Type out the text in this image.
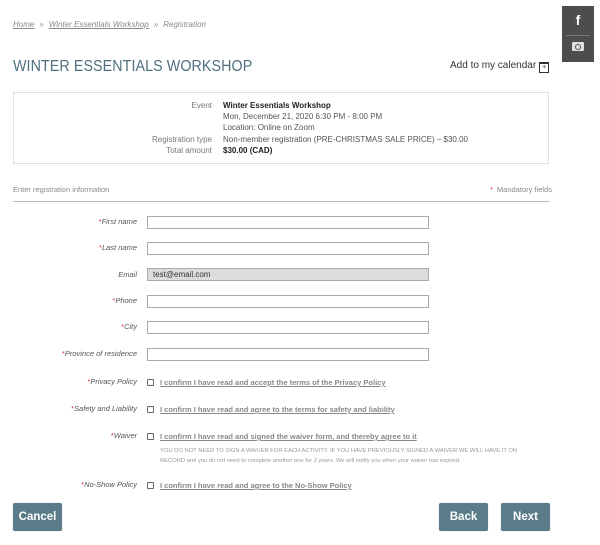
Home » Winter Essentials Workshop » Registration
WINTER ESSENTIALS WORKSHOP	Add to my calendar +
f
Event Winter Essentials Workshop
Mon, December 21, 2020 6:30 PM - 8:00 PM
Location: Online on Zoom
Registration type Non-member registration (PRE-CHRISTMAS SALE PRICE) – $30.00
Total amount $30.00 (CAD)
Enter registration information	* Mandatory fields
*First name
*Last name
Email	test@email.com
*Phone
*City
*Province of residence
*Privacy Policy	I confirm I have read and accept the terms of the Privacy Policy
*Safety and Liability	I confirm I have read and agree to the terms for safety and liability
*Waiver	I confirm I have read and signed the waiver form, and thereby agree to it
YOU DO NOT NEED TO SIGN A WAIVER FOR EACH ACTIVITY. IF YOU HAVE PREVIOUSLY SIGNED A WAIVER WE WILL HAVE IT ON
RECORD and you do not need to complete another one for 2 years. We will notify you when your waiver has expired.
*No-Show Policy	I confirm I have read and agree to the No-Show Policy
Cancel	Back	Next
